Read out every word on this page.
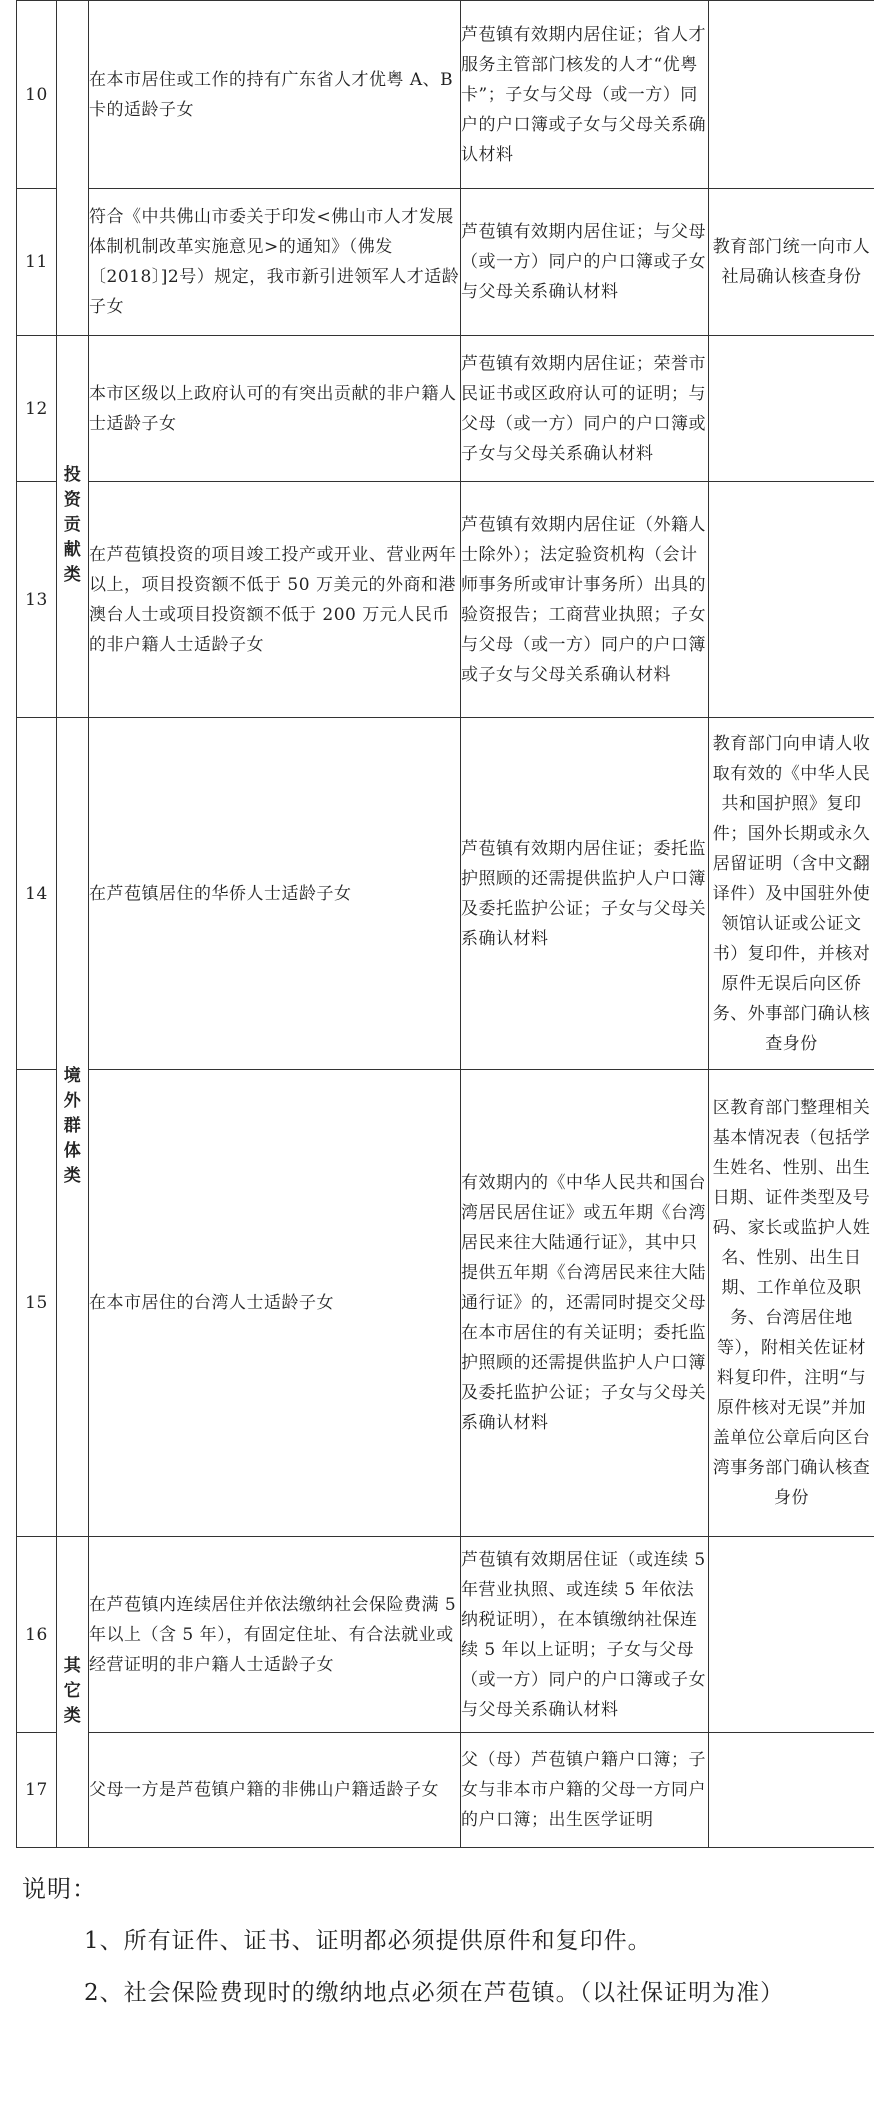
10		在本市居住或工作的持有广东省人才优粤 A、B 卡的适龄子女	芦苞镇有效期内居住证；省人才服务主管部门核发的人才“优粤卡”；子女与父母（或一方）同户的户口簿或子女与父母关系确认材料	
11		符合《中共佛山市委关于印发<佛山市人才发展体制机制改革实施意见>的通知》（佛发〔2018〕]2号）规定，我市新引进领军人才适龄子女	芦苞镇有效期内居住证；与父母（或一方）同户的户口簿或子女与父母关系确认材料	教育部门统一向市人社局确认核查身份
12	投资贡献类	本市区级以上政府认可的有突出贡献的非户籍人士适龄子女	芦苞镇有效期内居住证；荣誉市民证书或区政府认可的证明；与父母（或一方）同户的户口簿或子女与父母关系确认材料	
13		在芦苞镇投资的项目竣工投产或开业、营业两年以上，项目投资额不低于 50 万美元的外商和港澳台人士或项目投资额不低于 200 万元人民币的非户籍人士适龄子女	芦苞镇有效期内居住证（外籍人士除外）；法定验资机构（会计师事务所或审计事务所）出具的验资报告；工商营业执照；子女与父母（或一方）同户的户口簿或子女与父母关系确认材料	
14	境外群体类	在芦苞镇居住的华侨人士适龄子女	芦苞镇有效期内居住证；委托监护照顾的还需提供监护人户口簿及委托监护公证；子女与父母关系确认材料	教育部门向申请人收取有效的《中华人民共和国护照》复印件；国外长期或永久居留证明（含中文翻译件）及中国驻外使领馆认证或公证文书）复印件，并核对原件无误后向区侨务、外事部门确认核查身份
15		在本市居住的台湾人士适龄子女	有效期内的《中华人民共和国台湾居民居住证》或五年期《台湾居民来往大陆通行证》，其中只提供五年期《台湾居民来往大陆通行证》的，还需同时提交父母在本市居住的有关证明；委托监护照顾的还需提供监护人户口簿及委托监护公证；子女与父母关系确认材料	区教育部门整理相关基本情况表（包括学生姓名、性别、出生日期、证件类型及号码、家长或监护人姓名、性别、出生日期、工作单位及职务、台湾居住地等），附相关佐证材料复印件，注明“与原件核对无误”并加盖单位公章后向区台湾事务部门确认核查身份
16	其它类	在芦苞镇内连续居住并依法缴纳社会保险费满 5 年以上（含 5 年），有固定住址、有合法就业或经营证明的非户籍人士适龄子女	芦苞镇有效期居住证（或连续 5 年营业执照、或连续 5 年依法纳税证明），在本镇缴纳社保连续 5 年以上证明；子女与父母（或一方）同户的户口簿或子女与父母关系确认材料	
17		父母一方是芦苞镇户籍的非佛山户籍适龄子女	父（母）芦苞镇户籍户口簿；子女与非本市户籍的父母一方同户的户口簿；出生医学证明	
说明：
1、所有证件、证书、证明都必须提供原件和复印件。
2、社会保险费现时的缴纳地点必须在芦苞镇。（以社保证明为准）
